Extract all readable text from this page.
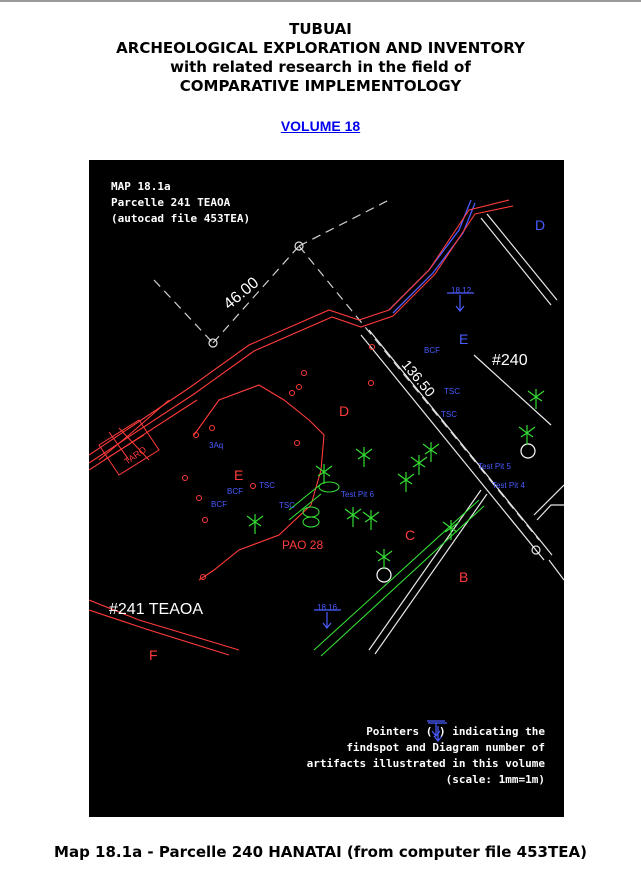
TUBUAI
ARCHEOLOGICAL EXPLORATION AND INVENTORY
with related research in the field of
COMPARATIVE IMPLEMENTOLOGY
VOLUME 18
MAP 18.1a
Parcelle 241 TEAOA
(autocad file 453TEA)
46.00
136.50
D
E
#240
18.12
18.16
BCF
BCF
BCF
TSC
TSC
TSC
TSC
3Aq
TARO	Test Pit 5
Test Pit 4
Test Pit 6
D
E
C
B
F
PAO 28
#241 TEAOA
Pointers ( ) indicating the
findspot and Diagram number of
artifacts illustrated in this volume
(scale: 1mm=1m)
Map 18.1a - Parcelle 240 HANATAI (from computer file 453TEA)
